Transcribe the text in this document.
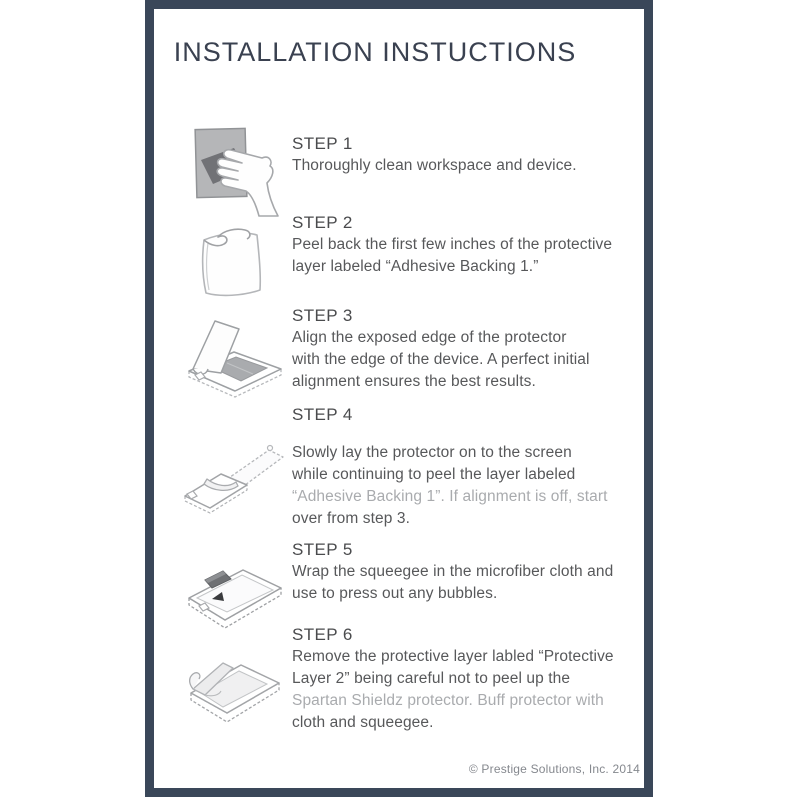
INSTALLATION INSTUCTIONS
STEP 1
Thoroughly clean workspace and device.
STEP 2
Peel back the first few inches of the protective
layer labeled “Adhesive Backing 1.”
STEP 3
Align the exposed edge of the protector
with the edge of the device. A perfect initial
alignment ensures the best results.
STEP 4
Slowly lay the protector on to the screen
while continuing to peel the layer labeled
“Adhesive Backing 1”. If alignment is off, start
over from step 3.
STEP 5
Wrap the squeegee in the microfiber cloth and
use to press out any bubbles.
STEP 6
Remove the protective layer labled “Protective
Layer 2” being careful not to peel up the
Spartan Shieldz protector. Buff protector with
cloth and squeegee.
© Prestige Solutions, Inc. 2014
